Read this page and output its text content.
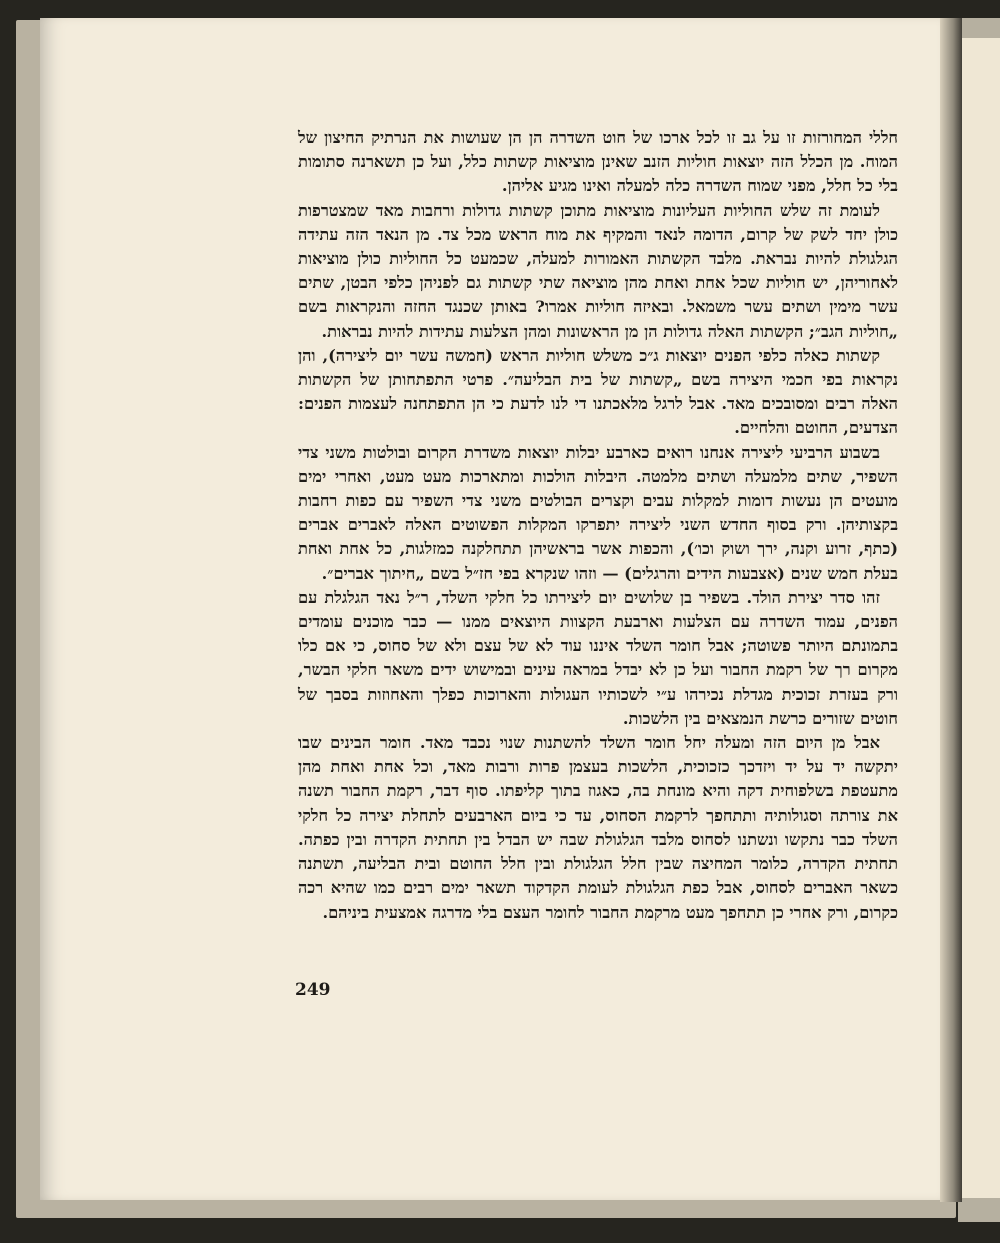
חללי המחורזות זו על גב זו לכל ארכו של חוט השדרה הן הן שעושות את הנרתיק החיצון של המוח. מן הכלל הזה יוצאות חוליות הזנב שאינן מוציאות קשתות כלל, ועל כן תשארנה סתומות בלי כל חלל, מפני שמוח השדרה כלה למעלה ואינו מגיע אליהן.

לעומת זה שלש החוליות העליונות מוציאות מתוכן קשתות גדולות ורחבות מאד שמצטרפות כולן יחד לשק של קרום, הדומה לנאד והמקיף את מוח הראש מכל צד. מן הנאד הזה עתידה הגלגולת להיות נבראת. מלבד הקשתות האמורות למעלה, שכמעט כל החוליות כולן מוציאות לאחוריהן, יש חוליות שכל אחת ואחת מהן מוציאה שתי קשתות גם לפניהן כלפי הבטן, שתים עשר מימין ושתים עשר משמאל. ובאיזה חוליות אמרו? באותן שכנגד החזה והנקראות בשם „חוליות הגב״; הקשתות האלה גדולות הן מן הראשונות ומהן הצלעות עתידות להיות נבראות.

קשתות כאלה כלפי הפנים יוצאות ג״כ משלש חוליות הראש (חמשה עשר יום ליצירה), והן נקראות בפי חכמי היצירה בשם „קשתות של בית הבליעה״. פרטי התפתחותן של הקשתות האלה רבים ומסובכים מאד. אבל לרגל מלאכתנו די לנו לדעת כי הן התפתחנה לעצמות הפנים: הצדעים, החוטם והלחיים.

בשבוע הרביעי ליצירה אנחנו רואים כארבע יבלות יוצאות משדרת הקרום ובולטות משני צדי השפיר, שתים מלמעלה ושתים מלמטה. היבלות הולכות ומתארכות מעט מעט, ואחרי ימים מועטים הן נעשות דומות למקלות עבים וקצרים הבולטים משני צדי השפיר עם כפות רחבות בקצותיהן. ורק בסוף החדש השני ליצירה יתפרקו המקלות הפשוטים האלה לאברים אברים (כתף, זרוע וקנה, ירך ושוק וכו׳), והכפות אשר בראשיהן תתחלקנה כמזלגות, כל אחת ואחת בעלת חמש שנים (אצבעות הידים והרגלים) — וזהו שנקרא בפי חז״ל בשם „חיתוך אברים״.

זהו סדר יצירת הולד. בשפיר בן שלושים יום ליצירתו כל חלקי השלד, ר״ל נאד הגלגלת עם הפנים, עמוד השדרה עם הצלעות וארבעת הקצוות היוצאים ממנו — כבר מוכנים עומדים בתמונתם היותר פשוטה; אבל חומר השלד איננו עוד לא של עצם ולא של סחוס, כי אם כלו מקרום רך של רקמת החבור ועל כן לא יבדל במראה עינים ובמישוש ידים משאר חלקי הבשר, ורק בעזרת זכוכית מגדלת נכירהו ע״י לשכותיו העגולות והארוכות כפלך והאחוזות בסבך של חוטים שזורים כרשת הנמצאים בין הלשכות.

אבל מן היום הזה ומעלה יחל חומר השלד להשתנות שנוי נכבד מאד. חומר הבינים שבו יתקשה יד על יד ויזדכך כזכוכית, הלשכות בעצמן פרות ורבות מאד, וכל אחת ואחת מהן מתעטפת בשלפוחית דקה והיא מונחת בה, כאגוז בתוך קליפתו. סוף דבר, רקמת החבור תשנה את צורתה וסגולותיה ותתחפך לרקמת הסחוס, עד כי ביום הארבעים לתחלת יצירה כל חלקי השלד כבר נתקשו ונשתנו לסחוס מלבד הגלגולת שבה יש הבדל בין תחתית הקדרה ובין כפתה. תחתית הקדרה, כלומר המחיצה שבין חלל הגלגולת ובין חלל החוטם ובית הבליעה, תשתנה כשאר האברים לסחוס, אבל כפת הגלגולת לעומת הקדקוד תשאר ימים רבים כמו שהיא רכה כקרום, ורק אחרי כן תתחפך מעט מרקמת החבור לחומר העצם בלי מדרגה אמצעית ביניהם.

249
